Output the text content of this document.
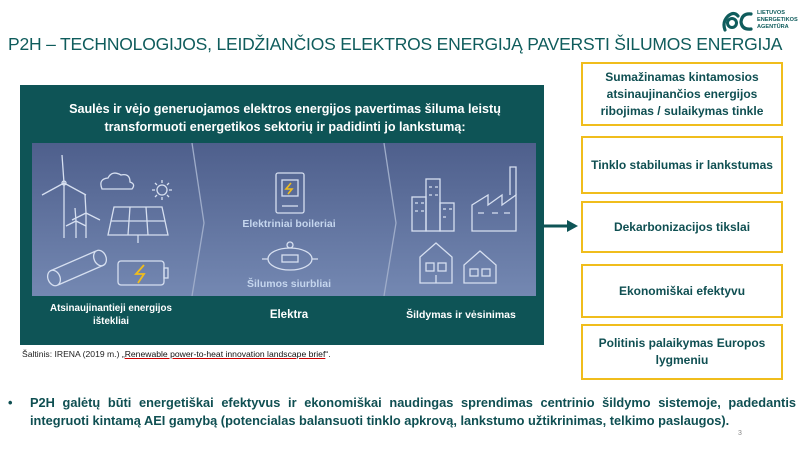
P2H – TECHNOLOGIJOS, LEIDŽIANČIOS ELEKTROS ENERGIJĄ PAVERSTI ŠILUMOS ENERGIJA
LIETUVOS
ENERGETIKOS
AGENTŪRA
Saulės ir vėjo generuojamos elektros energijos pavertimas šiluma leistų
transformuoti energetikos sektorių ir padidinti jo lankstumą:
Elektriniai boileriai
Šilumos siurbliai
Atsinaujinantieji energijos ištekliai
Elektra	Šildymas ir vėsinimas
Šaltinis: IRENA (2019 m.) „Renewable power-to-heat innovation landscape brief“.
Sumažinamas kintamosios atsinaujinančios energijos ribojimas / sulaikymas tinkle
Tinklo stabilumas ir lankstumas
Dekarbonizacijos tikslai
Ekonomiškai efektyvu
Politinis palaikymas Europos lygmeniu
•	P2H galėtų būti energetiškai efektyvus ir ekonomiškai naudingas sprendimas centrinio šildymo sistemoje, padedantis integruoti kintamą AEI gamybą (potencialas balansuoti tinklo apkrovą, lankstumo užtikrinimas, telkimo paslaugos).
3
